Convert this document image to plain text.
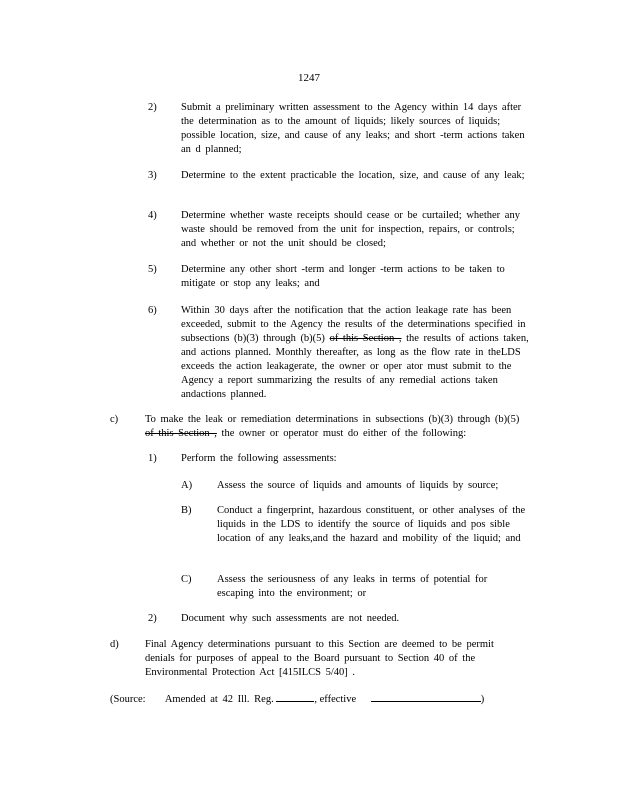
1247
2) Submit a preliminary written assessment to the Agency within 14 days after the determination as to the amount of liquids; likely sources of liquids; possible location, size, and cause of any leaks; and short -term actions taken an d planned;
3) Determine to the extent practicable the location, size, and cause of any leak;
4) Determine whether waste receipts should cease or be curtailed; whether any waste should be removed from the unit for inspection, repairs, or controls; and whether or not the unit should be closed;
5) Determine any other short -term and longer -term actions to be taken to mitigate or stop any leaks; and
6) Within 30 days after the notification that the action leakage rate has been exceeded, submit to the Agency the results of the determinations specified in subsections (b)(3) through (b)(5) of this Section , the results of actions taken, and actions planned. Monthly thereafter, as long as the flow rate in theLDS exceeds the action leakagerate, the owner or oper ator must submit to the Agency a report summarizing the results of any remedial actions taken andactions planned.
c)	To make the leak or remediation determinations in subsections (b)(3) through (b)(5) of this Section , the owner or operator must do either of the following:
1) Perform the following assessments:
A) Assess the source of liquids and amounts of liquids by source;
B) Conduct a fingerprint, hazardous constituent, or other analyses of the liquids in the LDS to identify the source of liquids and pos sible location of any leaks,and the hazard and mobility of the liquid; and
C) Assess the seriousness of any leaks in terms of potential for escaping into the environment; or
2) Document why such assessments are not needed.
d)	Final Agency determinations pursuant to this Section are deemed to be permit denials for purposes of appeal to the Board pursuant to Section 40 of the Environmental Protection Act [415ILCS 5/40] .
(Source: Amended at 42 Ill. Reg.	, effective	)
